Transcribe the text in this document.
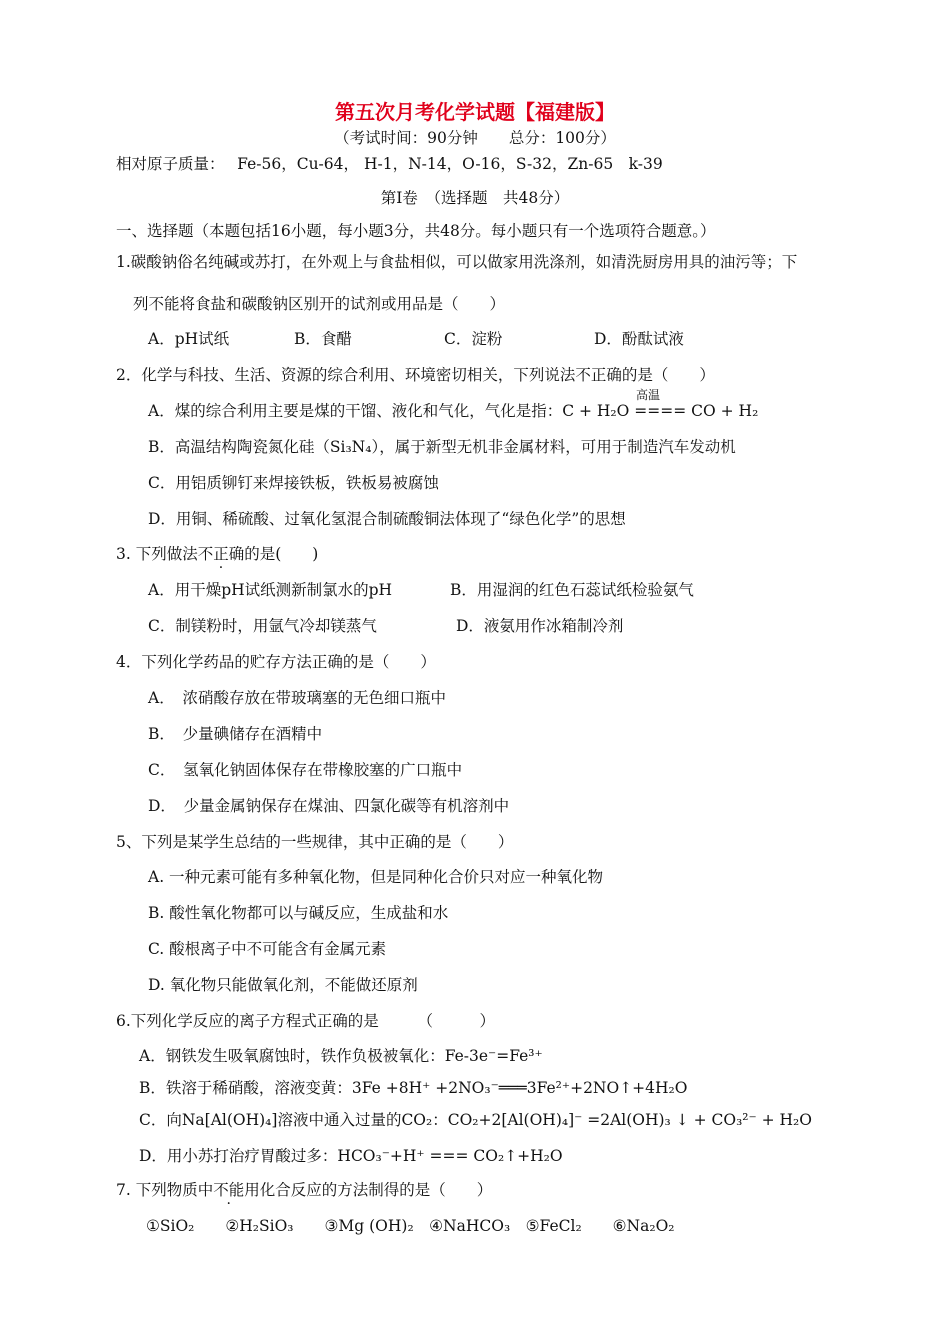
第五次月考化学试题【福建版】
（考试时间：90分钟　　总分：100分）
相对原子质量：　 Fe-56，Cu-64， H-1，N-14，O-16，S-32，Zn-65　k-39
第Ⅰ卷　（选择题　共48分）
一、选择题（本题包括16小题，每小题3分，共48分。每小题只有一个选项符合题意。）
1.碳酸钠俗名纯碱或苏打，在外观上与食盐相似，可以做家用洗涤剂，如清洗厨房用具的油污等；下
列不能将食盐和碳酸钠区别开的试剂或用品是（　　）
A．pH试纸	B．食醋	C．淀粉	D．酚酞试液
2．化学与科技、生活、资源的综合利用、环境密切相关，下列说法不正确的是（　　）
高温
A．煤的综合利用主要是煤的干馏、液化和气化，气化是指：C + H₂O ==== CO + H₂
B．高温结构陶瓷氮化硅（Si₃N₄），属于新型无机非金属材料，可用于制造汽车发动机
C．用铝质铆钉来焊接铁板，铁板易被腐蚀
D．用铜、稀硫酸、过氧化氢混合制硫酸铜法体现了“绿色化学”的思想
3. 下列做法不正确的是(　　)
A．用干燥pH试纸测新制氯水的pH	B．用湿润的红色石蕊试纸检验氨气
C．制镁粉时，用氩气冷却镁蒸气	D．液氨用作冰箱制冷剂
4．下列化学药品的贮存方法正确的是（　　）
A．　浓硝酸存放在带玻璃塞的无色细口瓶中
B．　少量碘储存在酒精中
C．　氢氧化钠固体保存在带橡胶塞的广口瓶中
D．　少量金属钠保存在煤油、四氯化碳等有机溶剂中
5、下列是某学生总结的一些规律，其中正确的是（　　）
A. 一种元素可能有多种氧化物，但是同种化合价只对应一种氧化物
B. 酸性氧化物都可以与碱反应，生成盐和水
C. 酸根离子中不可能含有金属元素
D. 氧化物只能做氧化剂，不能做还原剂
6.下列化学反应的离子方程式正确的是　　　（　　　）
A．钢铁发生吸氧腐蚀时，铁作负极被氧化：Fe-3e⁻=Fe³⁺
B．铁溶于稀硝酸，溶液变黄：3Fe +8H⁺ +2NO₃⁻═══3Fe²⁺+2NO↑+4H₂O
C．向Na[Al(OH)₄]溶液中通入过量的CO₂：CO₂+2[Al(OH)₄]⁻ =2Al(OH)₃ ↓ + CO₃²⁻ + H₂O
D．用小苏打治疗胃酸过多：HCO₃⁻+H⁺ === CO₂↑+H₂O
7. 下列物质中不能用化合反应的方法制得的是（　　）
①SiO₂　　②H₂SiO₃　　③Mg (OH)₂　④NaHCO₃　⑤FeCl₂　　⑥Na₂O₂
